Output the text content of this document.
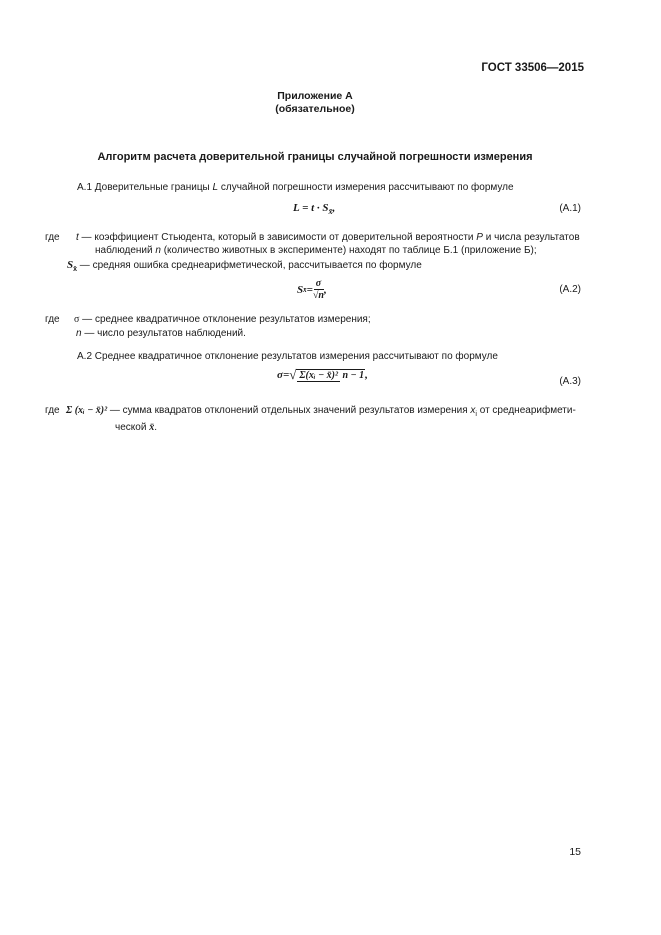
ГОСТ 33506—2015
Приложение А
(обязательное)
Алгоритм расчета доверительной границы случайной погрешности измерения
А.1 Доверительные границы L случайной погрешности измерения рассчитывают по формуле
$L = t \cdot S_{x̄}$,	(А.1)
где t — коэффициент Стьюдента, который в зависимости от доверительной вероятности P и числа результатов
наблюдений n (количество животных в эксперименте) находят по таблице Б.1 (приложение Б);
$S_{x̄}$ — средняя ошибка среднеарифметической, рассчитывается по формуле
S x̄ = $\frac{\sigma}{√n}$ ,	(А.2)
где σ — среднее квадратичное отклонение результатов измерения;
n — число результатов наблюдений.
А.2 Среднее квадратичное отклонение результатов измерения рассчитывают по формуле
σ = √ Σ(xᵢ − x̄)² n − 1 ,
(А.3)
где Σ (xᵢ − x̄)² — сумма квадратов отклонений отдельных значений результатов измерения $x_i$ от среднеарифмети-
ческой x̄.
15
